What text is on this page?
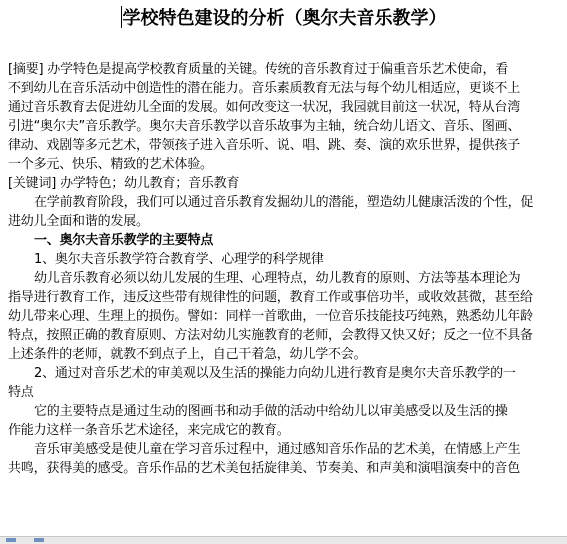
学校特色建设的分析（奥尔夫音乐教学）
[摘要] 办学特色是提高学校教育质量的关键。传统的音乐教育过于偏重音乐艺术使命，看
不到幼儿在音乐活动中创造性的潜在能力。音乐素质教育无法与每个幼儿相适应，更谈不上
通过音乐教育去促进幼儿全面的发展。如何改变这一状况，我园就目前这一状况，特从台湾
引进“奥尔夫”音乐教学。奥尔夫音乐教学以音乐故事为主轴，统合幼儿语文、音乐、图画、
律动、戏剧等多元艺术，带领孩子进入音乐听、说、唱、跳、奏、演的欢乐世界，提供孩子
一个多元、快乐、精致的艺术体验。
[关键词] 办学特色；幼儿教育；音乐教育
在学前教育阶段，我们可以通过音乐教育发掘幼儿的潜能，塑造幼儿健康活泼的个性，促
进幼儿全面和谐的发展。
一、奥尔夫音乐教学的主要特点
1、奥尔夫音乐教学符合教育学、心理学的科学规律
幼儿音乐教育必须以幼儿发展的生理、心理特点，幼儿教育的原则、方法等基本理论为
指导进行教育工作，违反这些带有规律性的问题，教育工作或事倍功半，或收效甚微，甚至给
幼儿带来心理、生理上的损伤。譬如：同样一首歌曲，一位音乐技能技巧纯熟，熟悉幼儿年龄
特点，按照正确的教育原则、方法对幼儿实施教育的老师，会教得又快又好；反之一位不具备
上述条件的老师，就教不到点子上，自己干着急，幼儿学不会。
2、通过对音乐艺术的审美观以及生活的操能力向幼儿进行教育是奥尔夫音乐教学的一
特点
它的主要特点是通过生动的图画书和动手做的活动中给幼儿以审美感受以及生活的操
作能力这样一条音乐艺术途径，来完成它的教育。
音乐审美感受是使儿童在学习音乐过程中，通过感知音乐作品的艺术美，在情感上产生
共鸣，获得美的感受。音乐作品的艺术美包括旋律美、节奏美、和声美和演唱演奏中的音色
